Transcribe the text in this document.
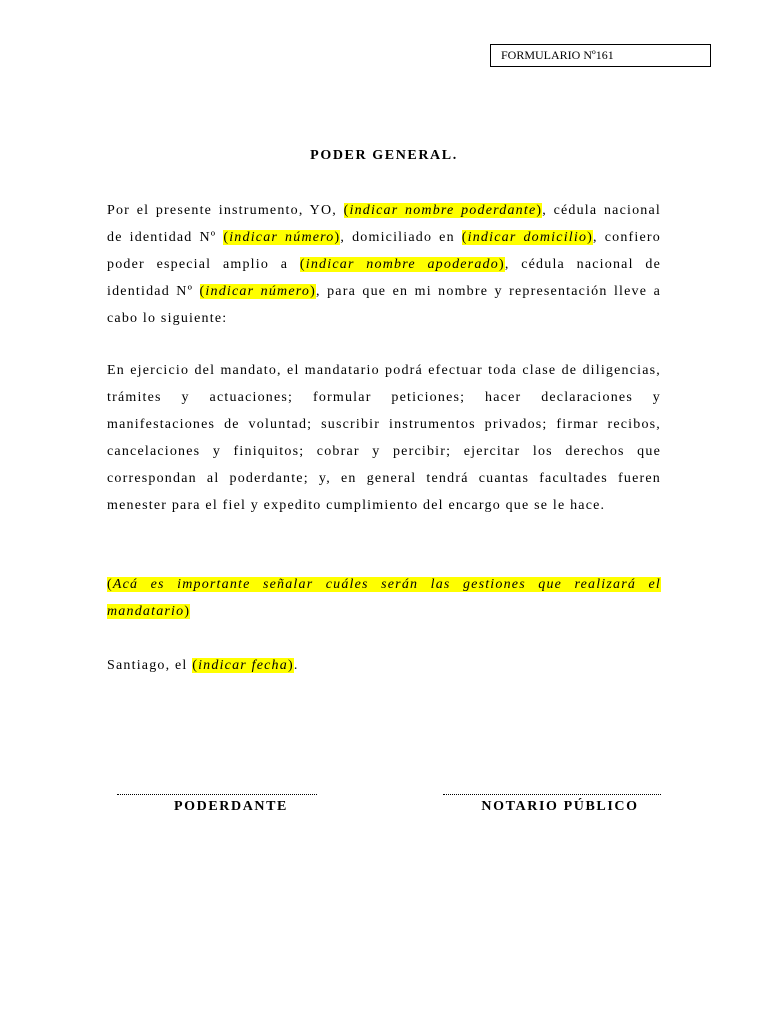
FORMULARIO Nº161
PODER GENERAL.

Por el presente instrumento, YO, (indicar nombre poderdante), cédula nacional de identidad Nº (indicar número), domiciliado en (indicar domicilio), confiero poder especial amplio a (indicar nombre apoderado), cédula nacional de identidad Nº (indicar número), para que en mi nombre y representación lleve a cabo lo siguiente:

En ejercicio del mandato, el mandatario podrá efectuar toda clase de diligencias, trámites y actuaciones; formular peticiones; hacer declaraciones y manifestaciones de voluntad; suscribir instrumentos privados; firmar recibos, cancelaciones y finiquitos; cobrar y percibir; ejercitar los derechos que correspondan al poderdante; y, en general tendrá cuantas facultades fueren menester para el fiel y expedito cumplimiento del encargo que se le hace.

(Acá es importante señalar cuáles serán las gestiones que realizará el mandatario)

Santiago, el (indicar fecha).

PODERDANTE	NOTARIO PÚBLICO
